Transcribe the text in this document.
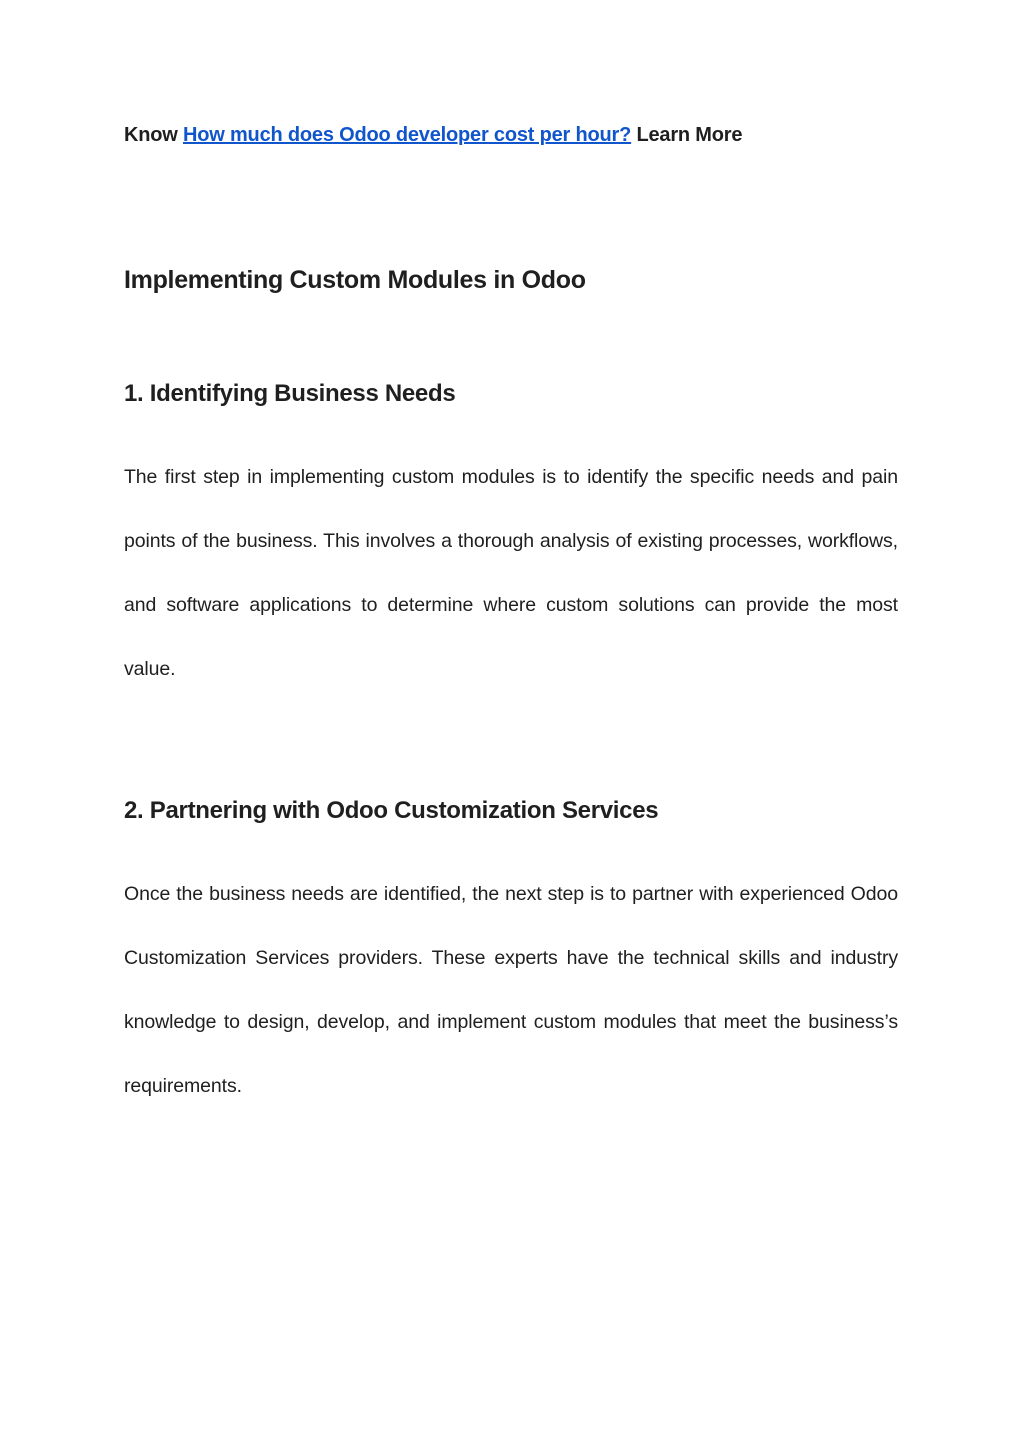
Know How much does Odoo developer cost per hour? Learn More
Implementing Custom Modules in Odoo
1. Identifying Business Needs

The first step in implementing custom modules is to identify the specific needs and pain points of the business. This involves a thorough analysis of existing processes, workflows, and software applications to determine where custom solutions can provide the most value.

2. Partnering with Odoo Customization Services

Once the business needs are identified, the next step is to partner with experienced Odoo Customization Services providers. These experts have the technical skills and industry knowledge to design, develop, and implement custom modules that meet the business’s requirements.
